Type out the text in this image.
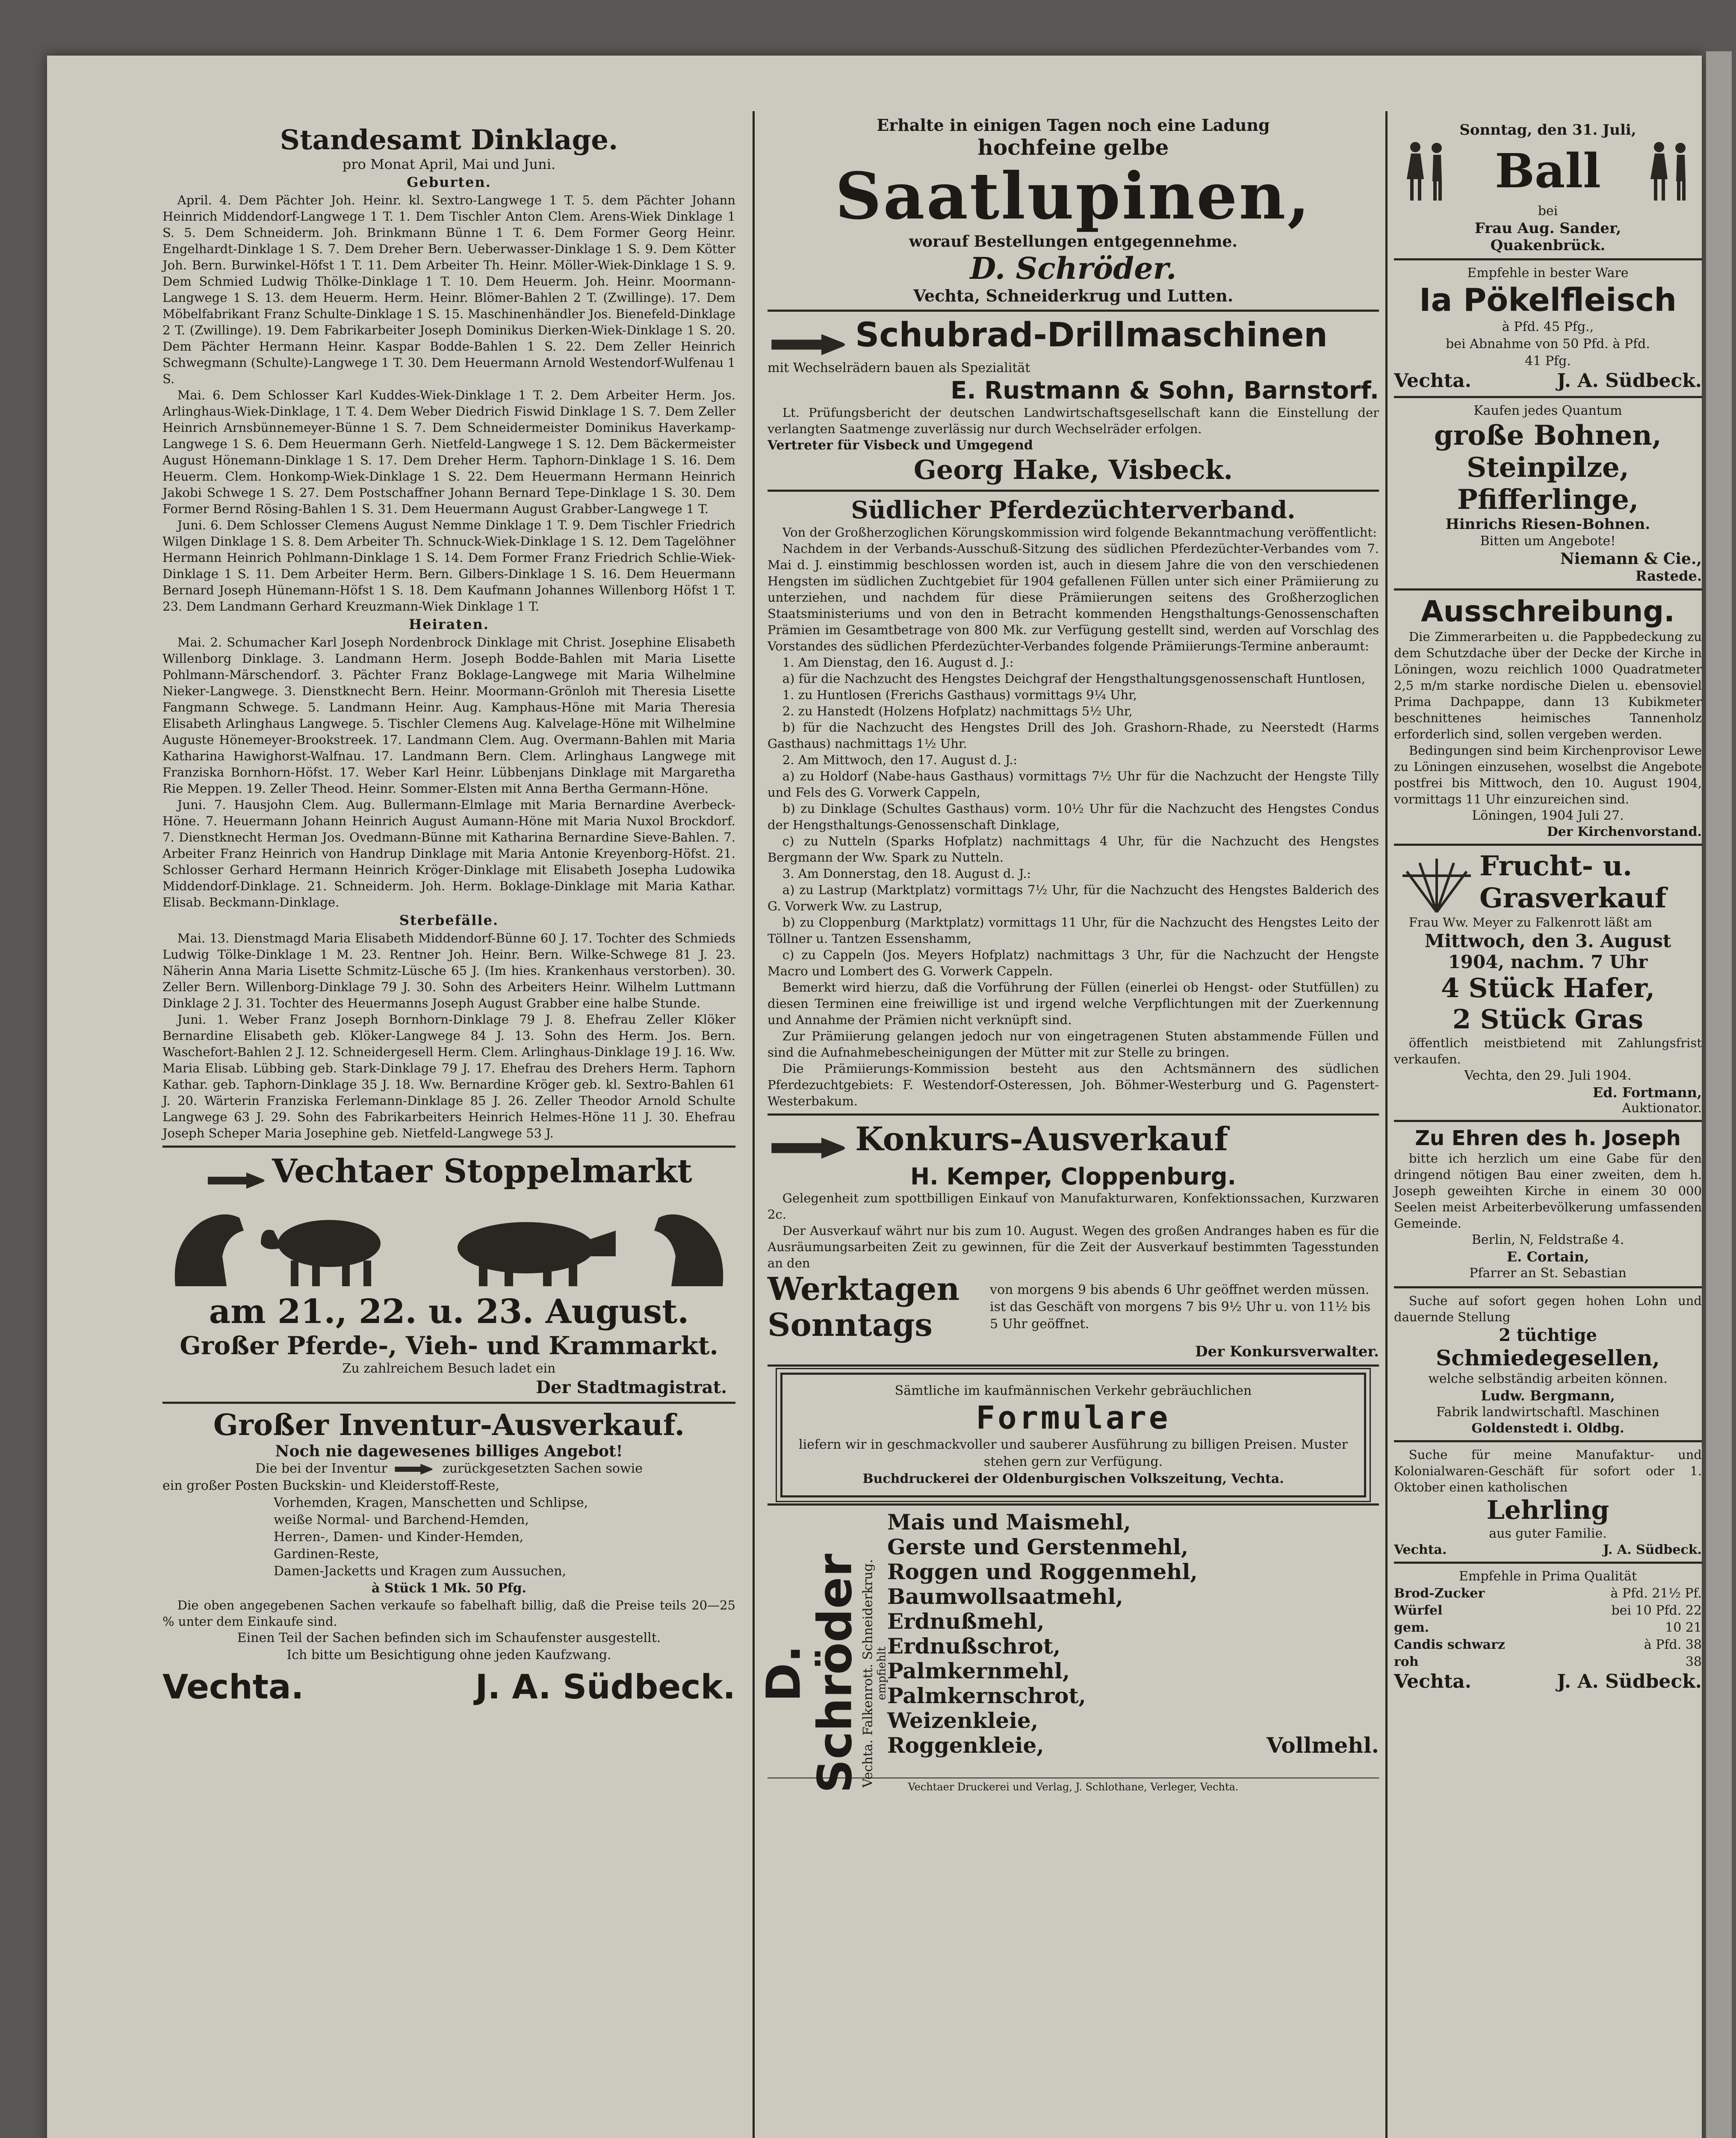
Standesamt Dinklage.
pro Monat April, Mai und Juni.
Geburten.

April. 4. Dem Pächter Joh. Heinr. kl. Sextro-Langwege 1 T. 5. dem Pächter Johann Heinrich Middendorf-Langwege 1 T. 1. Dem Tischler Anton Clem. Arens-Wiek Dinklage 1 S. 5. Dem Schneiderm. Joh. Brinkmann Bünne 1 T. 6. Dem Former Georg Heinr. Engelhardt-Dinklage 1 S. 7. Dem Dreher Bern. Ueberwasser-Dinklage 1 S. 9. Dem Kötter Joh. Bern. Burwinkel-Höfst 1 T. 11. Dem Arbeiter Th. Heinr. Möller-Wiek-Dinklage 1 S. 9. Dem Schmied Ludwig Thölke-Dinklage 1 T. 10. Dem Heuerm. Joh. Heinr. Moormann-Langwege 1 S. 13. dem Heuerm. Herm. Heinr. Blömer-Bahlen 2 T. (Zwillinge). 17. Dem Möbelfabrikant Franz Schulte-Dinklage 1 S. 15. Maschinenhändler Jos. Bienefeld-Dinklage 2 T. (Zwillinge). 19. Dem Fabrikarbeiter Joseph Dominikus Dierken-Wiek-Dinklage 1 S. 20. Dem Pächter Hermann Heinr. Kaspar Bodde-Bahlen 1 S. 22. Dem Zeller Heinrich Schwegmann (Schulte)-Langwege 1 T. 30. Dem Heuermann Arnold Westendorf-Wulfenau 1 S.

Mai. 6. Dem Schlosser Karl Kuddes-Wiek-Dinklage 1 T. 2. Dem Arbeiter Herm. Jos. Arlinghaus-Wiek-Dinklage, 1 T. 4. Dem Weber Diedrich Fiswid Dinklage 1 S. 7. Dem Zeller Heinrich Arnsbünnemeyer-Bünne 1 S. 7. Dem Schneidermeister Dominikus Haverkamp-Langwege 1 S. 6. Dem Heuermann Gerh. Nietfeld-Langwege 1 S. 12. Dem Bäckermeister August Hönemann-Dinklage 1 S. 17. Dem Dreher Herm. Taphorn-Dinklage 1 S. 16. Dem Heuerm. Clem. Honkomp-Wiek-Dinklage 1 S. 22. Dem Heuermann Hermann Heinrich Jakobi Schwege 1 S. 27. Dem Postschaffner Johann Bernard Tepe-Dinklage 1 S. 30. Dem Former Bernd Rösing-Bahlen 1 S. 31. Dem Heuermann August Grabber-Langwege 1 T.

Juni. 6. Dem Schlosser Clemens August Nemme Dinklage 1 T. 9. Dem Tischler Friedrich Wilgen Dinklage 1 S. 8. Dem Arbeiter Th. Schnuck-Wiek-Dinklage 1 S. 12. Dem Tagelöhner Hermann Heinrich Pohlmann-Dinklage 1 S. 14. Dem Former Franz Friedrich Schlie-Wiek-Dinklage 1 S. 11. Dem Arbeiter Herm. Bern. Gilbers-Dinklage 1 S. 16. Dem Heuermann Bernard Joseph Hünemann-Höfst 1 S. 18. Dem Kaufmann Johannes Willenborg Höfst 1 T. 23. Dem Landmann Gerhard Kreuzmann-Wiek Dinklage 1 T.

Heiraten.

Mai. 2. Schumacher Karl Joseph Nordenbrock Dinklage mit Christ. Josephine Elisabeth Willenborg Dinklage. 3. Landmann Herm. Joseph Bodde-Bahlen mit Maria Lisette Pohlmann-Märschendorf. 3. Pächter Franz Boklage-Langwege mit Maria Wilhelmine Nieker-Langwege. 3. Dienstknecht Bern. Heinr. Moormann-Grönloh mit Theresia Lisette Fangmann Schwege. 5. Landmann Heinr. Aug. Kamphaus-Höne mit Maria Theresia Elisabeth Arlinghaus Langwege. 5. Tischler Clemens Aug. Kalvelage-Höne mit Wilhelmine Auguste Hönemeyer-Brookstreek. 17. Landmann Clem. Aug. Overmann-Bahlen mit Maria Katharina Hawighorst-Walfnau. 17. Landmann Bern. Clem. Arlinghaus Langwege mit Franziska Bornhorn-Höfst. 17. Weber Karl Heinr. Lübbenjans Dinklage mit Margaretha Rie Meppen. 19. Zeller Theod. Heinr. Sommer-Elsten mit Anna Bertha Germann-Höne.

Juni. 7. Hausjohn Clem. Aug. Bullermann-Elmlage mit Maria Bernardine Averbeck-Höne. 7. Heuermann Johann Heinrich August Aumann-Höne mit Maria Nuxol Brockdorf. 7. Dienstknecht Herman Jos. Ovedmann-Bünne mit Katharina Bernardine Sieve-Bahlen. 7. Arbeiter Franz Heinrich von Handrup Dinklage mit Maria Antonie Kreyenborg-Höfst. 21. Schlosser Gerhard Hermann Heinrich Kröger-Dinklage mit Elisabeth Josepha Ludowika Middendorf-Dinklage. 21. Schneiderm. Joh. Herm. Boklage-Dinklage mit Maria Kathar. Elisab. Beckmann-Dinklage.

Sterbefälle.

Mai. 13. Dienstmagd Maria Elisabeth Middendorf-Bünne 60 J. 17. Tochter des Schmieds Ludwig Tölke-Dinklage 1 M. 23. Rentner Joh. Heinr. Bern. Wilke-Schwege 81 J. 23. Näherin Anna Maria Lisette Schmitz-Lüsche 65 J. (Im hies. Krankenhaus verstorben). 30. Zeller Bern. Willenborg-Dinklage 79 J. 30. Sohn des Arbeiters Heinr. Wilhelm Luttmann Dinklage 2 J. 31. Tochter des Heuermanns Joseph August Grabber eine halbe Stunde.

Juni. 1. Weber Franz Joseph Bornhorn-Dinklage 79 J. 8. Ehefrau Zeller Klöker Bernardine Elisabeth geb. Klöker-Langwege 84 J. 13. Sohn des Herm. Jos. Bern. Waschefort-Bahlen 2 J. 12. Schneidergesell Herm. Clem. Arlinghaus-Dinklage 19 J. 16. Ww. Maria Elisab. Lübbing geb. Stark-Dinklage 79 J. 17. Ehefrau des Drehers Herm. Taphorn Kathar. geb. Taphorn-Dinklage 35 J. 18. Ww. Bernardine Kröger geb. kl. Sextro-Bahlen 61 J. 20. Wärterin Franziska Ferlemann-Dinklage 85 J. 26. Zeller Theodor Arnold Schulte Langwege 63 J. 29. Sohn des Fabrikarbeiters Heinrich Helmes-Höne 11 J. 30. Ehefrau Joseph Scheper Maria Josephine geb. Nietfeld-Langwege 53 J.

Vechtaer Stoppelmarkt
am 21., 22. u. 23. August.
Großer Pferde-, Vieh- und Krammarkt.
Zu zahlreichem Besuch ladet ein
Der Stadtmagistrat.
Großer Inventur-Ausverkauf.
Noch nie dagewesenes billiges Angebot!
Die bei der Inventur	zurückgesetzten Sachen sowie
ein großer Posten Buckskin- und Kleiderstoff-Reste,
Vorhemden, Kragen, Manschetten und Schlipse,
weiße Normal- und Barchend-Hemden,
Herren-, Damen- und Kinder-Hemden,
Gardinen-Reste,
Damen-Jacketts und Kragen zum Aussuchen,
à Stück 1 Mk. 50 Pfg.

Die oben angegebenen Sachen verkaufe so fabelhaft billig, daß die Preise teils 20—25 % unter dem Einkaufe sind.

Einen Teil der Sachen befinden sich im Schaufenster ausgestellt.
Ich bitte um Besichtigung ohne jeden Kaufzwang.
Vechta.	J. A. Südbeck.
Erhalte in einigen Tagen noch eine Ladung
hochfeine gelbe
Saatlupinen,
worauf Bestellungen entgegennehme.
D. Schröder.
Vechta, Schneiderkrug und Lutten.
Schubrad-Drillmaschinen
mit Wechselrädern bauen als Spezialität
E. Rustmann & Sohn, Barnstorf.

Lt. Prüfungsbericht der deutschen Landwirtschaftsgesellschaft kann die Einstellung der verlangten Saatmenge zuverlässig nur durch Wechselräder erfolgen.

Vertreter für Visbeck und Umgegend
Georg Hake, Visbeck.
Südlicher Pferdezüchterverband.

Von der Großherzoglichen Körungskommission wird folgende Bekanntmachung veröffentlicht:

Nachdem in der Verbands-Ausschuß-Sitzung des südlichen Pferdezüchter-Verbandes vom 7. Mai d. J. einstimmig beschlossen worden ist, auch in diesem Jahre die von den verschiedenen Hengsten im südlichen Zuchtgebiet für 1904 gefallenen Füllen unter sich einer Prämiierung zu unterziehen, und nachdem für diese Prämiierungen seitens des Großherzoglichen Staatsministeriums und von den in Betracht kommenden Hengsthaltungs-Genossenschaften Prämien im Gesamtbetrage von 800 Mk. zur Verfügung gestellt sind, werden auf Vorschlag des Vorstandes des südlichen Pferdezüchter-Verbandes folgende Prämiierungs-Termine anberaumt:

1. Am Dienstag, den 16. August d. J.:

a) für die Nachzucht des Hengstes Deichgraf der Hengsthaltungsgenossenschaft Huntlosen,

1. zu Huntlosen (Frerichs Gasthaus) vormittags 9¼ Uhr,

2. zu Hanstedt (Holzens Hofplatz) nachmittags 5½ Uhr,

b) für die Nachzucht des Hengstes Drill des Joh. Grashorn-Rhade, zu Neerstedt (Harms Gasthaus) nachmittags 1½ Uhr.

2. Am Mittwoch, den 17. August d. J.:

a) zu Holdorf (Nabe-haus Gasthaus) vormittags 7½ Uhr für die Nachzucht der Hengste Tilly und Fels des G. Vorwerk Cappeln,

b) zu Dinklage (Schultes Gasthaus) vorm. 10½ Uhr für die Nachzucht des Hengstes Condus der Hengsthaltungs-Genossenschaft Dinklage,

c) zu Nutteln (Sparks Hofplatz) nachmittags 4 Uhr, für die Nachzucht des Hengstes Bergmann der Ww. Spark zu Nutteln.

3. Am Donnerstag, den 18. August d. J.:

a) zu Lastrup (Marktplatz) vormittags 7½ Uhr, für die Nachzucht des Hengstes Balderich des G. Vorwerk Ww. zu Lastrup,

b) zu Cloppenburg (Marktplatz) vormittags 11 Uhr, für die Nachzucht des Hengstes Leito der Töllner u. Tantzen Essenshamm,

c) zu Cappeln (Jos. Meyers Hofplatz) nachmittags 3 Uhr, für die Nachzucht der Hengste Macro und Lombert des G. Vorwerk Cappeln.

Bemerkt wird hierzu, daß die Vorführung der Füllen (einerlei ob Hengst- oder Stutfüllen) zu diesen Terminen eine freiwillige ist und irgend welche Verpflichtungen mit der Zuerkennung und Annahme der Prämien nicht verknüpft sind.

Zur Prämiierung gelangen jedoch nur von eingetragenen Stuten abstammende Füllen und sind die Aufnahmebescheinigungen der Mütter mit zur Stelle zu bringen.

Die Prämiierungs-Kommission besteht aus den Achtsmännern des südlichen Pferdezuchtgebiets: F. Westendorf-Osteressen, Joh. Böhmer-Westerburg und G. Pagenstert-Westerbakum.

Konkurs-Ausverkauf
H. Kemper, Cloppenburg.

Gelegenheit zum spottbilligen Einkauf von Manufakturwaren, Konfektionssachen, Kurzwaren 2c.

Der Ausverkauf währt nur bis zum 10. August. Wegen des großen Andranges haben es für die Ausräumungsarbeiten Zeit zu gewinnen, für die Zeit der Ausverkauf bestimmten Tagesstunden an den

Werktagen
Sonntags
von morgens 9 bis abends 6 Uhr geöffnet werden müssen.
ist das Geschäft von morgens 7 bis 9½ Uhr u. von 11½ bis 5 Uhr geöffnet.
Der Konkursverwalter.
Sämtliche im kaufmännischen Verkehr gebräuchlichen
Formulare
liefern wir in geschmackvoller und sauberer Ausführung zu billigen Preisen. Muster stehen gern zur Verfügung.
Buchdruckerei der Oldenburgischen Volkszeitung, Vechta.
D. Schröder
Vechta. Falkenrott. Schneiderkrug. empfiehlt
Mais und Maismehl,
Gerste und Gerstenmehl,
Roggen und Roggenmehl,
Baumwollsaatmehl,
Erdnußmehl,
Erdnußschrot,
Palmkernmehl,
Palmkernschrot,
Weizenkleie,
Roggenkleie,	Vollmehl.
Vechtaer Druckerei und Verlag, J. Schlothane, Verleger, Vechta.
Sonntag, den 31. Juli,
Ball
bei
Frau Aug. Sander,
Quakenbrück.
Empfehle in bester Ware
Ia Pökelfleisch
à Pfd. 45 Pfg.,
bei Abnahme von 50 Pfd. à Pfd.
41 Pfg.
Vechta.	J. A. Südbeck.
Kaufen jedes Quantum
große Bohnen,
Steinpilze,
Pfifferlinge,
Hinrichs Riesen-Bohnen.
Bitten um Angebote!
Niemann & Cie.,
Rastede.
Ausschreibung.

Die Zimmerarbeiten u. die Pappbedeckung zu dem Schutzdache über der Decke der Kirche in Löningen, wozu reichlich 1000 Quadratmeter 2,5 m/m starke nordische Dielen u. ebensoviel Prima Dachpappe, dann 13 Kubikmeter beschnittenes heimisches Tannenholz erforderlich sind, sollen vergeben werden.

Bedingungen sind beim Kirchenprovisor Lewe zu Löningen einzusehen, woselbst die Angebote postfrei bis Mittwoch, den 10. August 1904, vormittags 11 Uhr einzureichen sind.

Löningen, 1904 Juli 27.
Der Kirchenvorstand.
Frucht- u.
Grasverkauf

Frau Ww. Meyer zu Falkenrott läßt am

Mittwoch, den 3. August
1904, nachm. 7 Uhr
4 Stück Hafer,
2 Stück Gras

öffentlich meistbietend mit Zahlungsfrist verkaufen.

Vechta, den 29. Juli 1904.
Ed. Fortmann,
Auktionator.
Zu Ehren des h. Joseph

bitte ich herzlich um eine Gabe für den dringend nötigen Bau einer zweiten, dem h. Joseph geweihten Kirche in einem 30 000 Seelen meist Arbeiterbevölkerung umfassenden Gemeinde.

Berlin, N, Feldstraße 4.
E. Cortain,
Pfarrer an St. Sebastian

Suche auf sofort gegen hohen Lohn und dauernde Stellung

2 tüchtige
Schmiedegesellen,
welche selbständig arbeiten können.
Ludw. Bergmann,
Fabrik landwirtschaftl. Maschinen
Goldenstedt i. Oldbg.

Suche für meine Manufaktur- und Kolonialwaren-Geschäft für sofort oder 1. Oktober einen katholischen

Lehrling
aus guter Familie.
Vechta.	J. A. Südbeck.
Empfehle in Prima Qualität
Brod-Zucker	à Pfd. 21½ Pf.
Würfel	bei 10 Pfd. 22
gem.	10 21
Candis schwarz	à Pfd. 38
roh	38
Vechta.	J. A. Südbeck.
